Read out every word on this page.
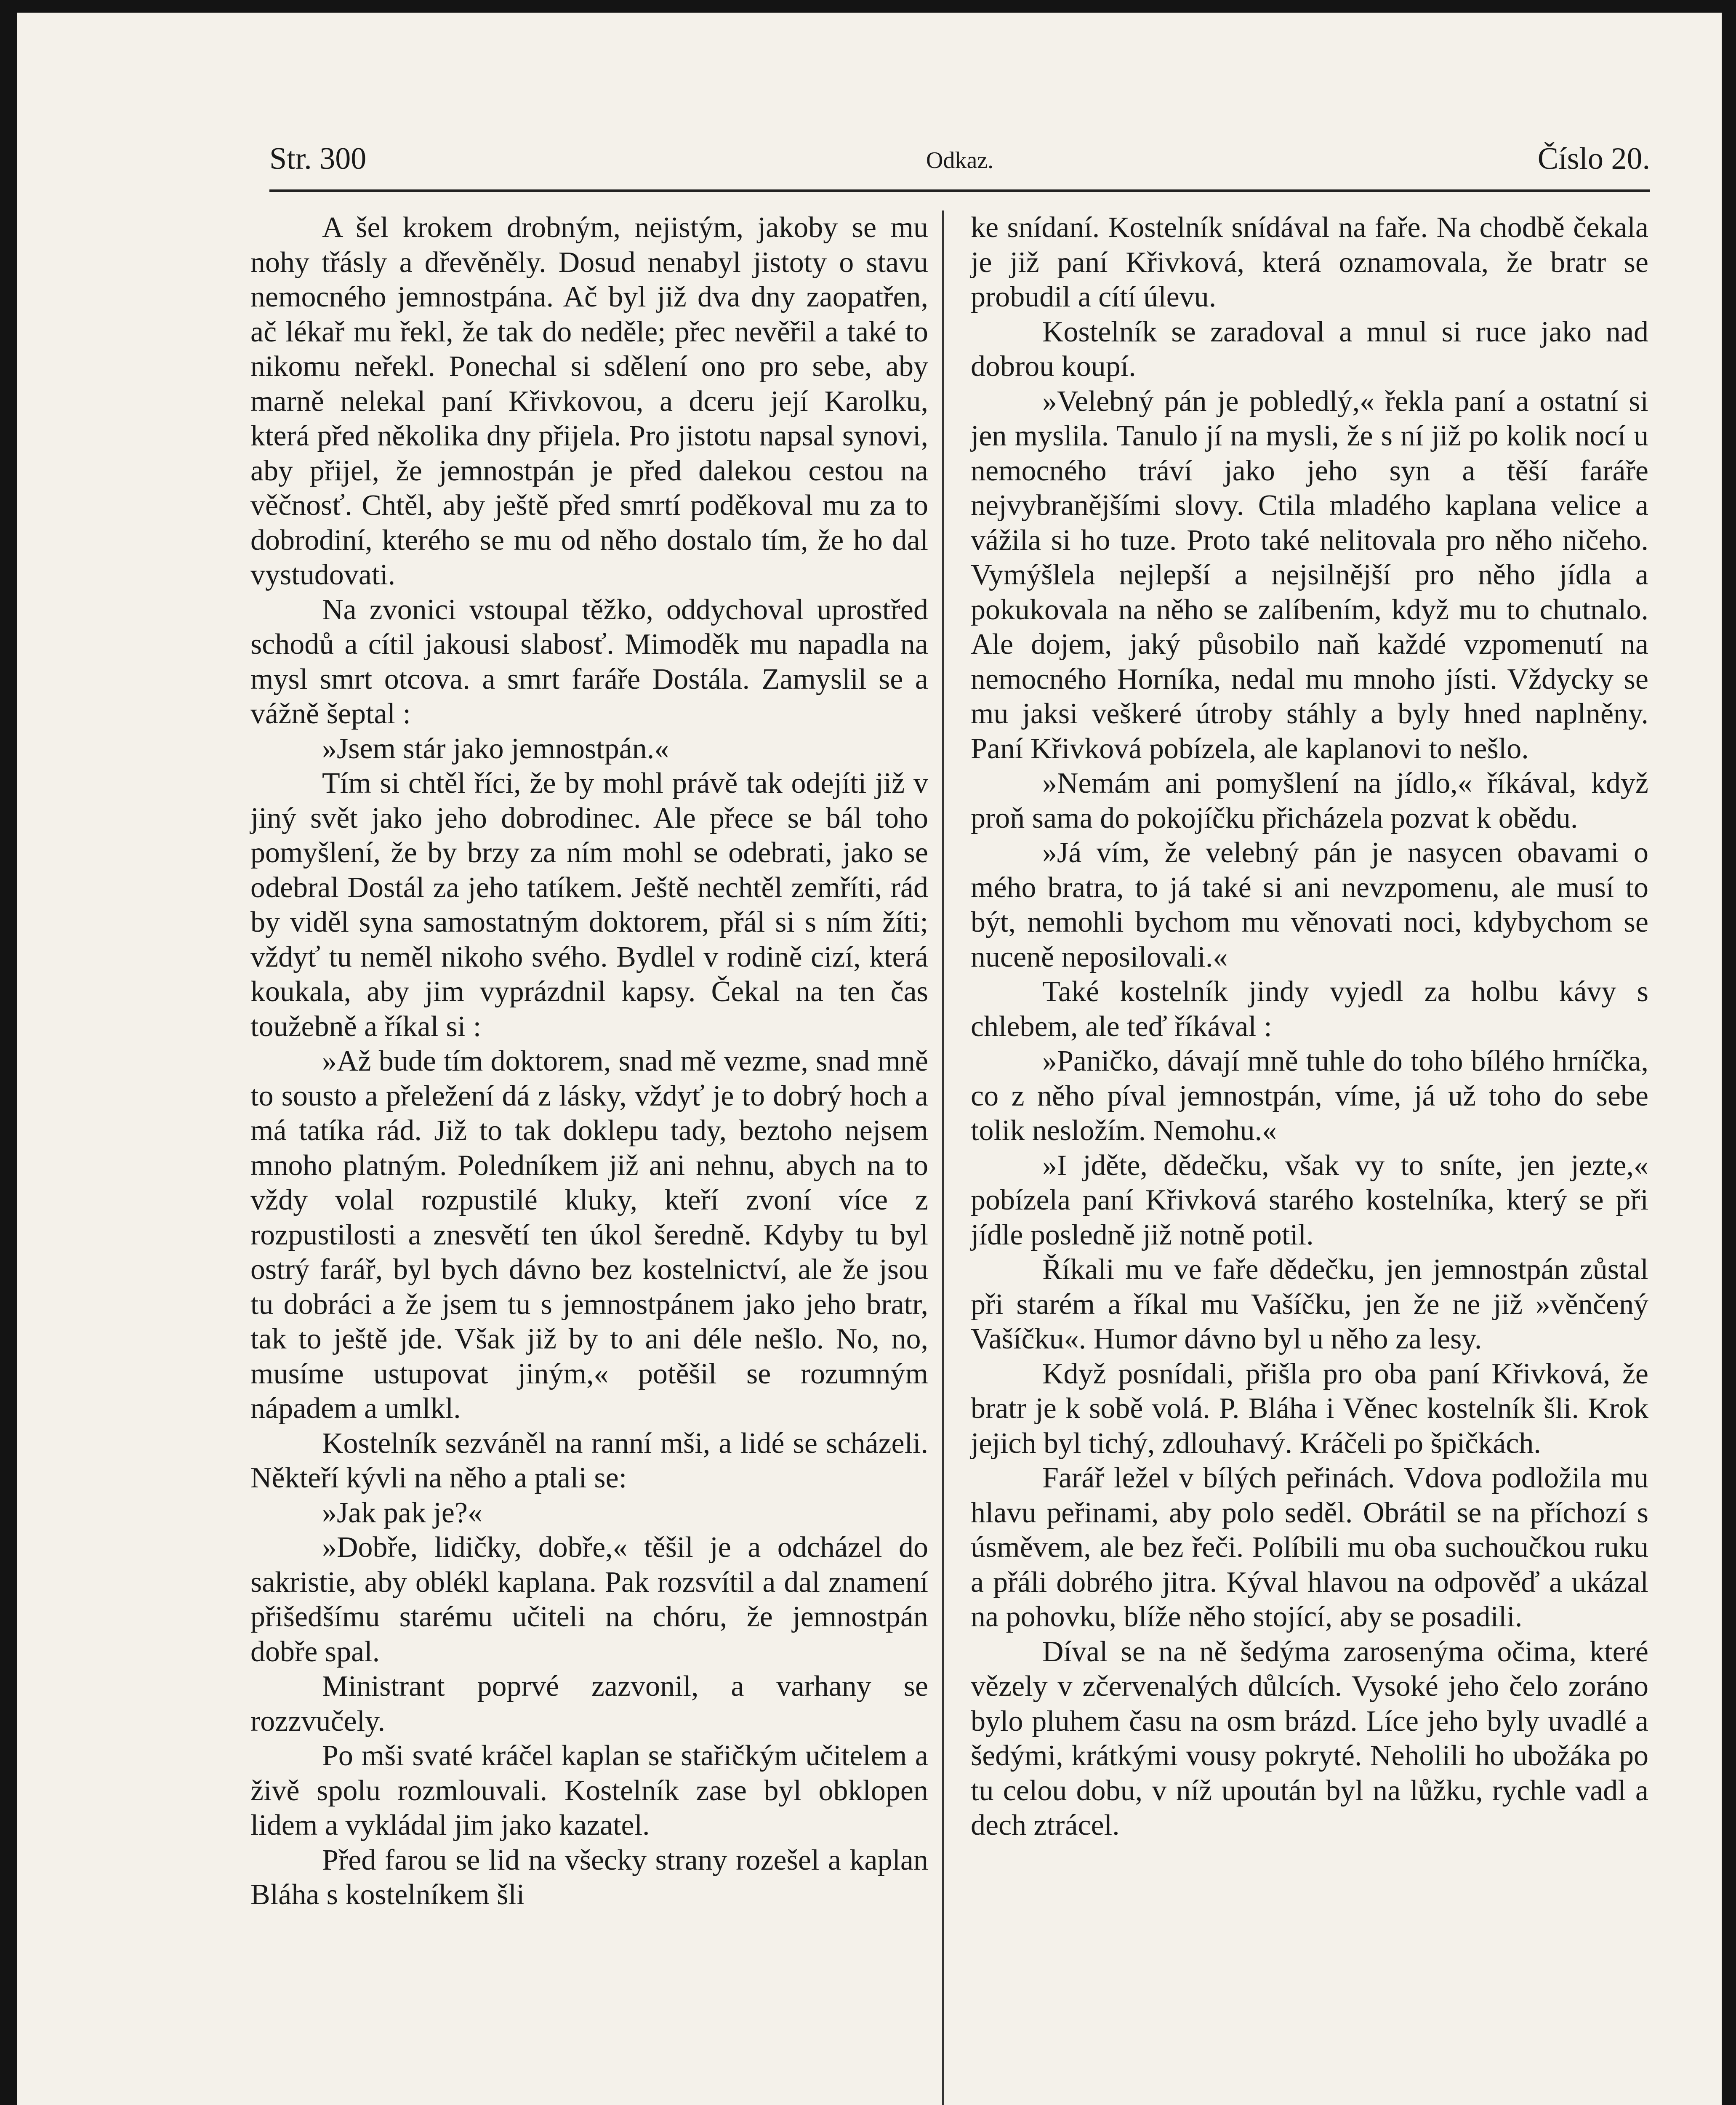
Str. 300	Odkaz.	Číslo 20.

A šel krokem drobným, nejistým, jakoby se mu nohy třásly a dřevěněly. Dosud nenabyl jistoty o stavu nemocného jemnostpána. Ač byl již dva dny zaopatřen, ač lékař mu řekl, že tak do neděle; přec nevěřil a také to nikomu neřekl. Ponechal si sdělení ono pro sebe, aby marně nelekal paní Křivkovou, a dceru její Karolku, která před několika dny přijela. Pro jistotu napsal synovi, aby přijel, že jemnostpán je před dalekou cestou na věčnosť. Chtěl, aby ještě před smrtí poděkoval mu za to dobrodiní, kterého se mu od něho dostalo tím, že ho dal vystudovati.

Na zvonici vstoupal těžko, oddychoval uprostřed schodů a cítil jakousi slabosť. Mimoděk mu napadla na mysl smrt otcova. a smrt faráře Dostála. Zamyslil se a vážně šeptal :

»Jsem stár jako jemnostpán.«

Tím si chtěl říci, že by mohl právě tak odejíti již v jiný svět jako jeho dobrodinec. Ale přece se bál toho pomyšlení, že by brzy za ním mohl se odebrati, jako se odebral Dostál za jeho tatíkem. Ještě nechtěl zemříti, rád by viděl syna samostatným doktorem, přál si s ním žíti; vždyť tu neměl nikoho svého. Bydlel v rodině cizí, která koukala, aby jim vyprázdnil kapsy. Čekal na ten čas toužebně a říkal si :

»Až bude tím doktorem, snad mě vezme, snad mně to sousto a přeležení dá z lásky, vždyť je to dobrý hoch a má tatíka rád. Již to tak doklepu tady, beztoho nejsem mnoho platným. Poledníkem již ani nehnu, abych na to vždy volal rozpustilé kluky, kteří zvoní více z rozpustilosti a znesvětí ten úkol šeredně. Kdyby tu byl ostrý farář, byl bych dávno bez kostelnictví, ale že jsou tu dobráci a že jsem tu s jemnostpánem jako jeho bratr, tak to ještě jde. Však již by to ani déle nešlo. No, no, musíme ustupovat jiným,« potěšil se rozumným nápadem a umlkl.

Kostelník sezváněl na ranní mši, a lidé se scházeli. Někteří kývli na něho a ptali se:

»Jak pak je?«

»Dobře, lidičky, dobře,« těšil je a odcházel do sakristie, aby oblékl kaplana. Pak rozsvítil a dal znamení přišedšímu starému učiteli na chóru, že jemnostpán dobře spal.

Ministrant poprvé zazvonil, a varhany se rozzvučely.

Po mši svaté kráčel kaplan se stařičkým učitelem a živě spolu rozmlouvali. Kostelník zase byl obklopen lidem a vykládal jim jako kazatel.

Před farou se lid na všecky strany rozešel a kaplan Bláha s kostelníkem šli

ke snídaní. Kostelník snídával na faře. Na chodbě čekala je již paní Křivková, která oznamovala, že bratr se probudil a cítí úlevu.

Kostelník se zaradoval a mnul si ruce jako nad dobrou koupí.

»Velebný pán je pobledlý,« řekla paní a ostatní si jen myslila. Tanulo jí na mysli, že s ní již po kolik nocí u nemocného tráví jako jeho syn a těší faráře nejvybranějšími slovy. Ctila mladého kaplana velice a vážila si ho tuze. Proto také nelitovala pro něho ničeho. Vymýšlela nejlepší a nejsilnější pro něho jídla a pokukovala na něho se zalíbením, když mu to chutnalo. Ale dojem, jaký působilo naň každé vzpomenutí na nemocného Horníka, nedal mu mnoho jísti. Vždycky se mu jaksi veškeré útroby stáhly a byly hned naplněny. Paní Křivková pobízela, ale kaplanovi to nešlo.

»Nemám ani pomyšlení na jídlo,« říkával, když proň sama do pokojíčku přicházela pozvat k obědu.

»Já vím, že velebný pán je nasycen obavami o mého bratra, to já také si ani nevzpomenu, ale musí to být, nemohli bychom mu věnovati noci, kdybychom se nuceně neposilovali.«

Také kostelník jindy vyjedl za holbu kávy s chlebem, ale teď říkával :

»Paničko, dávají mně tuhle do toho bílého hrníčka, co z něho píval jemnostpán, víme, já už toho do sebe tolik nesložím. Nemohu.«

»I jděte, dědečku, však vy to sníte, jen jezte,« pobízela paní Křivková starého kostelníka, který se při jídle posledně již notně potil.

Říkali mu ve faře dědečku, jen jemnostpán zůstal při starém a říkal mu Vašíčku, jen že ne již »věnčený Vašíčku«. Humor dávno byl u něho za lesy.

Když posnídali, přišla pro oba paní Křivková, že bratr je k sobě volá. P. Bláha i Věnec kostelník šli. Krok jejich byl tichý, zdlouhavý. Kráčeli po špičkách.

Farář ležel v bílých peřinách. Vdova podložila mu hlavu peřinami, aby polo seděl. Obrátil se na příchozí s úsměvem, ale bez řeči. Políbili mu oba suchoučkou ruku a přáli dobrého jitra. Kýval hlavou na odpověď a ukázal na pohovku, blíže něho stojící, aby se posadili.

Díval se na ně šedýma zarosenýma očima, které vězely v zčervenalých důlcích. Vysoké jeho čelo zoráno bylo pluhem času na osm brázd. Líce jeho byly uvadlé a šedými, krátkými vousy pokryté. Neholili ho ubožáka po tu celou dobu, v níž upoután byl na lůžku, rychle vadl a dech ztrácel.
